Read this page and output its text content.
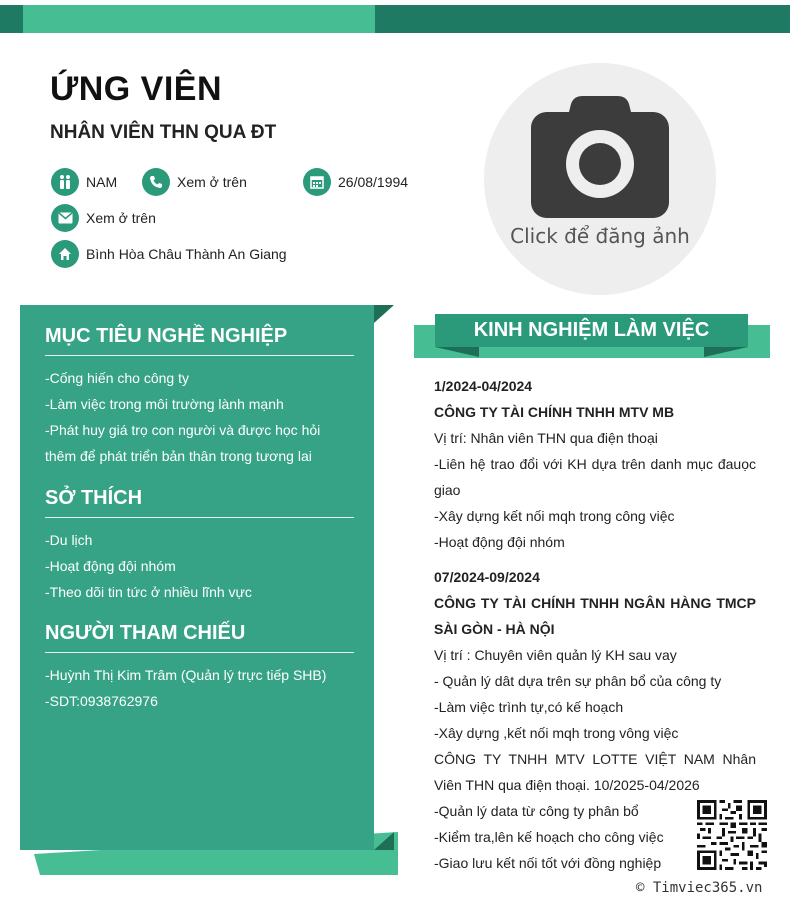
ỨNG VIÊN
NHÂN VIÊN THN QUA ĐT
NAM	Xem ở trên	26/08/1994
Xem ở trên
Bình Hòa Châu Thành An Giang
Click để đăng ảnh
MỤC TIÊU NGHỀ NGHIỆP
-Cống hiến cho công ty
-Làm việc trong môi trường lành mạnh
-Phát huy giá trọ con người và được học hỏi thêm để phát triển bản thân trong tương lai
SỞ THÍCH
-Du lịch
-Hoạt động đội nhóm
-Theo dõi tin tức ở nhiều lĩnh vực
NGƯỜI THAM CHIẾU
-Huỳnh Thị Kim Trâm (Quản lý trực tiếp SHB)
-SDT:0938762976
KINH NGHIỆM LÀM VIỆC
1/2024-04/2024
CÔNG TY TÀI CHÍNH TNHH MTV MB
Vị trí: Nhân viên THN qua điện thoại
-Liên hệ trao đổi với KH dựa trên danh mục đauọc giao
-Xây dựng kết nối mqh trong công việc
-Hoạt động đội nhóm
07/2024-09/2024
CÔNG TY TÀI CHÍNH TNHH NGÂN HÀNG TMCP SÀI GÒN - HÀ NỘI
Vị trí : Chuyên viên quản lý KH sau vay
- Quản lý dât dựa trên sự phân bổ của công ty
-Làm việc trình tự,có kế hoạch
-Xây dựng ,kết nối mqh trong vông việc
CÔNG TY TNHH MTV LOTTE VIỆT NAM Nhân Viên THN qua điện thoại. 10/2025-04/2026
-Quản lý data từ công ty phân bổ
-Kiểm tra,lên kế hoạch cho công việc
-Giao lưu kết nối tốt với đồng nghiệp
© Timviec365.vn
